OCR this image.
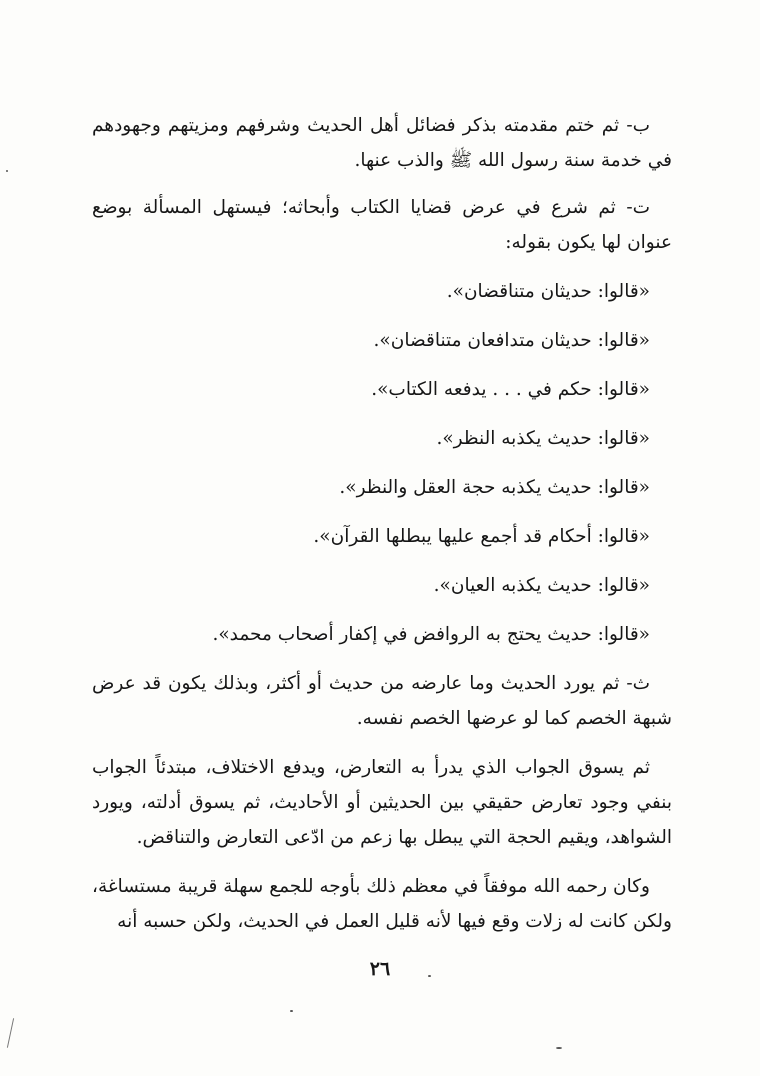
ب- ثم ختم مقدمته بذكر فضائل أهل الحديث وشرفهم ومزيتهم وجهودهم في خدمة سنة رسول الله ﷺ والذب عنها.

ت- ثم شرع في عرض قضايا الكتاب وأبحاثه؛ فيستهل المسألة بوضع عنوان لها يكون بقوله:

«قالوا: حديثان متناقضان».
«قالوا: حديثان متدافعان متناقضان».
«قالوا: حكم في . . . يدفعه الكتاب».
«قالوا: حديث يكذبه النظر».
«قالوا: حديث يكذبه حجة العقل والنظر».
«قالوا: أحكام قد أجمع عليها يبطلها القرآن».
«قالوا: حديث يكذبه العيان».
«قالوا: حديث يحتج به الروافض في إكفار أصحاب محمد».

ث- ثم يورد الحديث وما عارضه من حديث أو أكثر، وبذلك يكون قد عرض شبهة الخصم كما لو عرضها الخصم نفسه.

ثم يسوق الجواب الذي يدرأ به التعارض، ويدفع الاختلاف، مبتدئاً الجواب بنفي وجود تعارض حقيقي بين الحديثين أو الأحاديث، ثم يسوق أدلته، ويورد الشواهد، ويقيم الحجة التي يبطل بها زعم من ادّعى التعارض والتناقض.

وكان رحمه الله موفقاً في معظم ذلك بأوجه للجمع سهلة قريبة مستساغة، ولكن كانت له زلات وقع فيها لأنه قليل العمل في الحديث، ولكن حسبه أنه

٢٦
